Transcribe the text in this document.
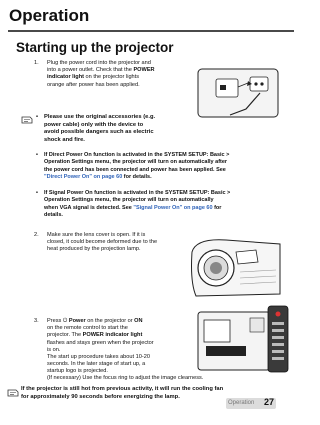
Operation
Starting up the projector
1. Plug the power cord into the projector and
into a power outlet. Check that the POWER
indicator light on the projector lights
orange after power has been applied.
• Please use the original accessories (e.g.
power cable) only with the device to
avoid possible dangers such as electric
shock and fire.
• If Direct Power On function is activated in the SYSTEM SETUP: Basic >
Operation Settings menu, the projector will turn on automatically after
the power cord has been connected and power has been applied. See
"Direct Power On" on page 60 for details.
• If Signal Power On function is activated in the SYSTEM SETUP: Basic >
Operation Settings menu, the projector will turn on automatically
when VGA signal is detected. See "Signal Power On" on page 60 for
details.
2. Make sure the lens cover is open. If it is
closed, it could become deformed due to the
heat produced by the projection lamp.
3. Press ⏻ Power on the projector or ON
on the remote control to start the
projector. The POWER indicator light
flashes and stays green when the projector
is on.
The start up procedure takes about 10-20
seconds. In the later stage of start up, a
startup logo is projected.
(If necessary) Use the focus ring to adjust the image clearness.
If the projector is still hot from previous activity, it will run the cooling fan
for approximately 90 seconds before energizing the lamp.
Operation 27
